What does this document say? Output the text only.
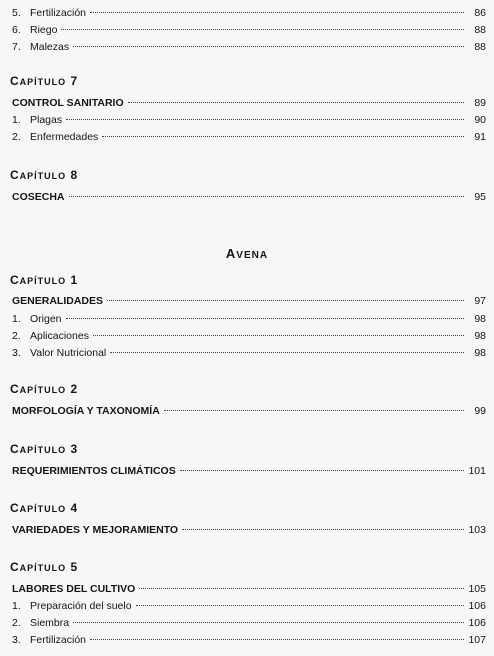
5. Fertilización	86
6. Riego	88
7. Malezas	88
CAPÍTULO 7
CONTROL SANITARIO	89
1. Plagas	90
2. Enfermedades	91
CAPÍTULO 8
COSECHA	95
AVENA
CAPÍTULO 1
GENERALIDADES	97
1. Origen	98
2. Aplicaciones	98
3. Valor Nutricional	98
CAPÍTULO 2
MORFOLOGÍA Y TAXONOMÍA	99
CAPÍTULO 3
REQUERIMIENTOS CLIMÁTICOS	101
CAPÍTULO 4
VARIEDADES Y MEJORAMIENTO	103
CAPÍTULO 5
LABORES DEL CULTIVO	105
1. Preparación del suelo	106
2. Siembra	106
3. Fertilización	107
